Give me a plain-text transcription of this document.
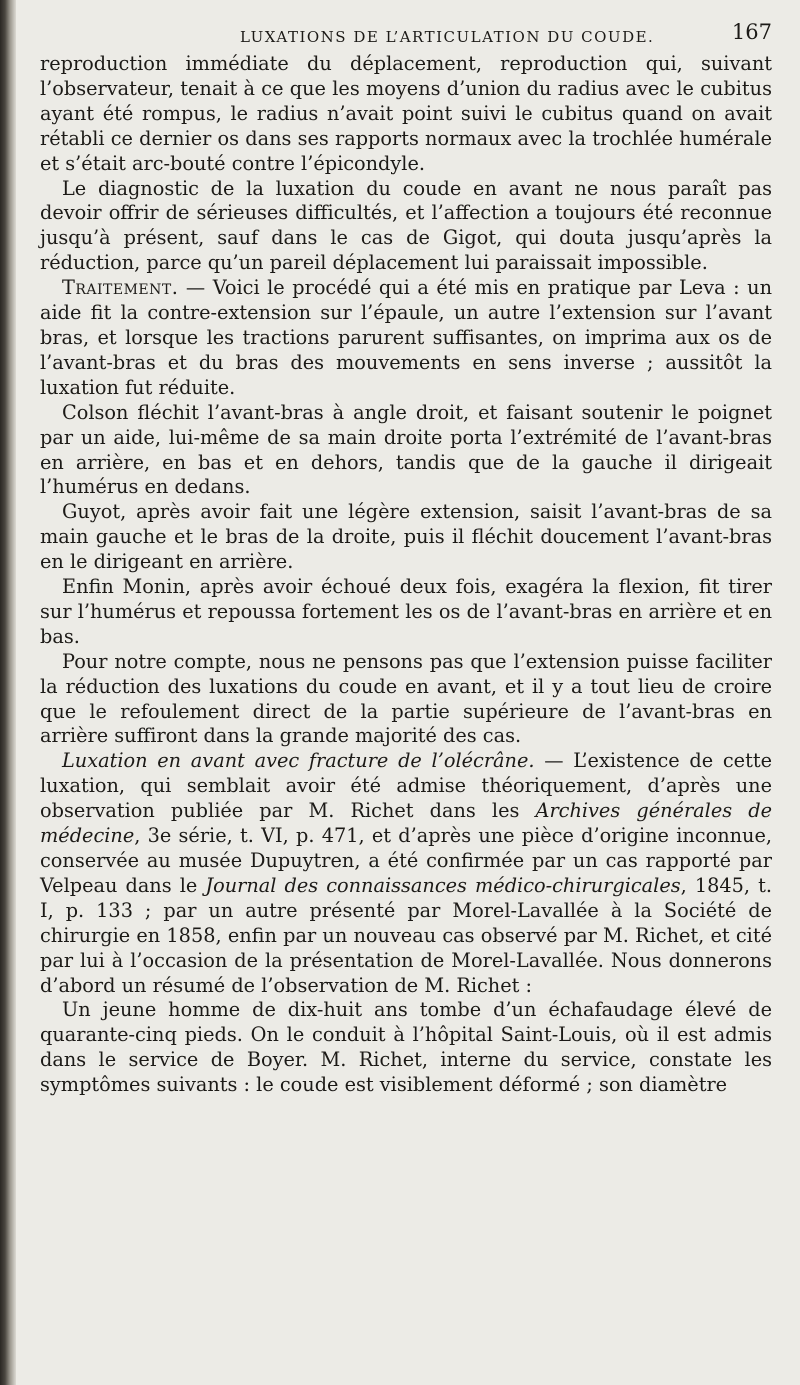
LUXATIONS DE L’ARTICULATION DU COUDE.	167

reproduction immédiate du déplacement, reproduction qui, suivant l’observateur, tenait à ce que les moyens d’union du radius avec le cubitus ayant été rompus, le radius n’avait point suivi le cubitus quand on avait rétabli ce dernier os dans ses rapports normaux avec la trochlée humérale et s’était arc-bouté contre l’épicondyle.

Le diagnostic de la luxation du coude en avant ne nous paraît pas devoir offrir de sérieuses difficultés, et l’affection a toujours été reconnue jusqu’à présent, sauf dans le cas de Gigot, qui douta jusqu’après la réduction, parce qu’un pareil déplacement lui paraissait impossible.

Traitement. — Voici le procédé qui a été mis en pratique par Leva : un aide fit la contre-extension sur l’épaule, un autre l’extension sur l’avant bras, et lorsque les tractions parurent suffisantes, on imprima aux os de l’avant-bras et du bras des mouvements en sens inverse ; aussitôt la luxation fut réduite.

Colson fléchit l’avant-bras à angle droit, et faisant soutenir le poignet par un aide, lui-même de sa main droite porta l’extrémité de l’avant-bras en arrière, en bas et en dehors, tandis que de la gauche il dirigeait l’humérus en dedans.

Guyot, après avoir fait une légère extension, saisit l’avant-bras de sa main gauche et le bras de la droite, puis il fléchit doucement l’avant-bras en le dirigeant en arrière.

Enfin Monin, après avoir échoué deux fois, exagéra la flexion, fit tirer sur l’humérus et repoussa fortement les os de l’avant-bras en arrière et en bas.

Pour notre compte, nous ne pensons pas que l’extension puisse faciliter la réduction des luxations du coude en avant, et il y a tout lieu de croire que le refoulement direct de la partie supérieure de l’avant-bras en arrière suffiront dans la grande majorité des cas.

Luxation en avant avec fracture de l’olécrâne. — L’existence de cette luxation, qui semblait avoir été admise théoriquement, d’après une observation publiée par M. Richet dans les Archives générales de médecine, 3e série, t. VI, p. 471, et d’après une pièce d’origine inconnue, conservée au musée Dupuytren, a été confirmée par un cas rapporté par Velpeau dans le Journal des connaissances médico-chirurgicales, 1845, t. I, p. 133 ; par un autre présenté par Morel-Lavallée à la Société de chirurgie en 1858, enfin par un nouveau cas observé par M. Richet, et cité par lui à l’occasion de la présentation de Morel-Lavallée. Nous donnerons d’abord un résumé de l’observation de M. Richet :

Un jeune homme de dix-huit ans tombe d’un échafaudage élevé de quarante-cinq pieds. On le conduit à l’hôpital Saint-Louis, où il est admis dans le service de Boyer. M. Richet, interne du service, constate les symptômes suivants : le coude est visiblement déformé ; son diamètre
